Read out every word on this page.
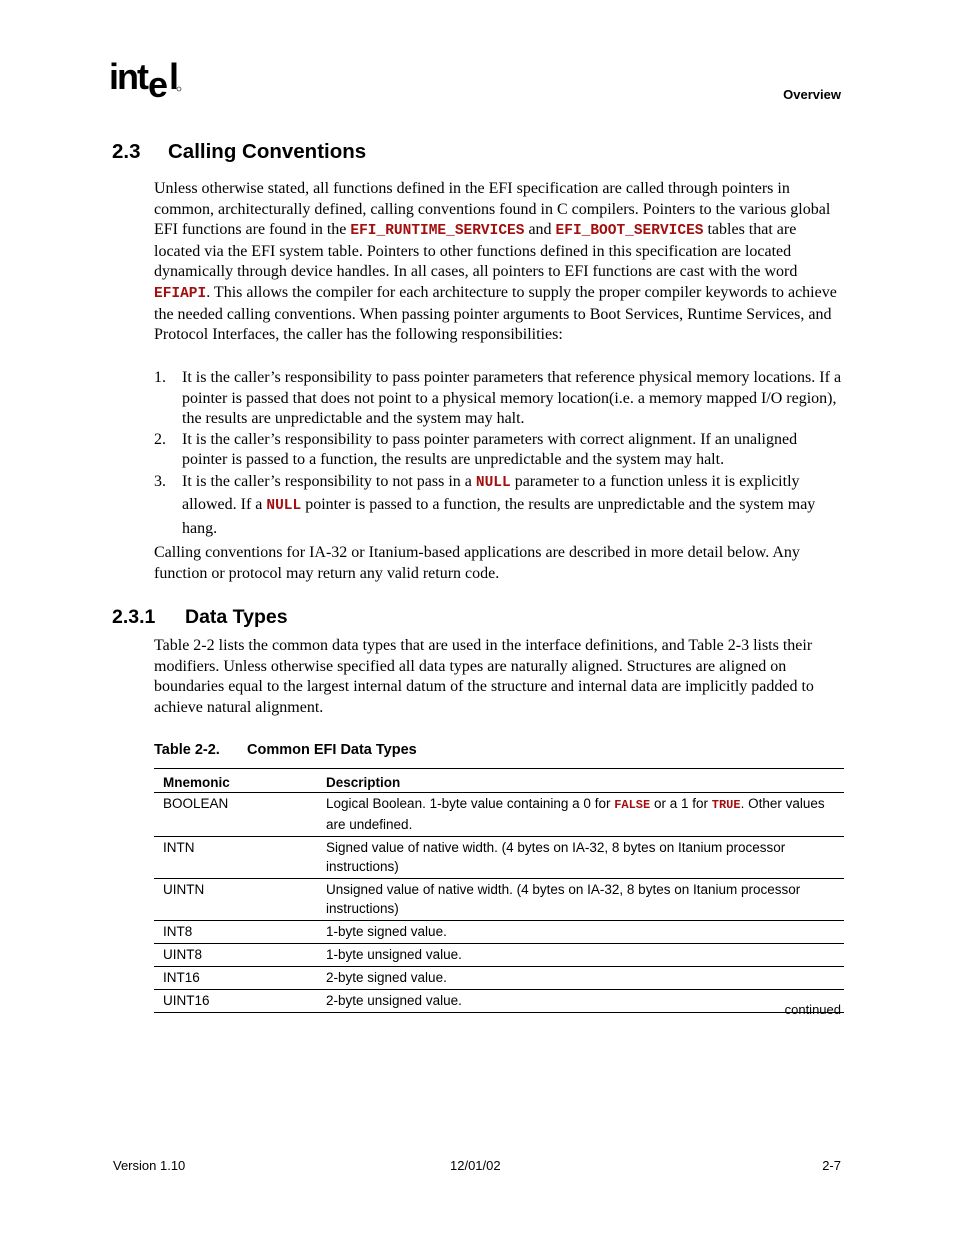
int e l	Overview
2.3 Calling Conventions
Unless otherwise stated, all functions defined in the EFI specification are called through pointers in common, architecturally defined, calling conventions found in C compilers. Pointers to the various global EFI functions are found in the EFI_RUNTIME_SERVICES and EFI_BOOT_SERVICES tables that are located via the EFI system table. Pointers to other functions defined in this specification are located dynamically through device handles. In all cases, all pointers to EFI functions are cast with the word EFIAPI. This allows the compiler for each architecture to supply the proper compiler keywords to achieve the needed calling conventions. When passing pointer arguments to Boot Services, Runtime Services, and Protocol Interfaces, the caller has the following responsibilities:
1. It is the caller’s responsibility to pass pointer parameters that reference physical memory locations. If a pointer is passed that does not point to a physical memory location(i.e. a memory mapped I/O region), the results are unpredictable and the system may halt.
2. It is the caller’s responsibility to pass pointer parameters with correct alignment. If an unaligned pointer is passed to a function, the results are unpredictable and the system may halt.
3. It is the caller’s responsibility to not pass in a NULL parameter to a function unless it is explicitly allowed. If a NULL pointer is passed to a function, the results are unpredictable and the system may hang.
Calling conventions for IA-32 or Itanium-based applications are described in more detail below. Any function or protocol may return any valid return code.
2.3.1 Data Types
Table 2-2 lists the common data types that are used in the interface definitions, and Table 2-3 lists their modifiers. Unless otherwise specified all data types are naturally aligned. Structures are aligned on boundaries equal to the largest internal datum of the structure and internal data are implicitly padded to achieve natural alignment.
Table 2-2. Common EFI Data Types
Mnemonic	Description
BOOLEAN	Logical Boolean. 1-byte value containing a 0 for FALSE or a 1 for TRUE. Other values are undefined.
INTN	Signed value of native width. (4 bytes on IA-32, 8 bytes on Itanium processor instructions)
UINTN	Unsigned value of native width. (4 bytes on IA-32, 8 bytes on Itanium processor instructions)
INT8	1-byte signed value.
UINT8	1-byte unsigned value.
INT16	2-byte signed value.
UINT16	2-byte unsigned value.
continued
Version 1.10	12/01/02	2-7
